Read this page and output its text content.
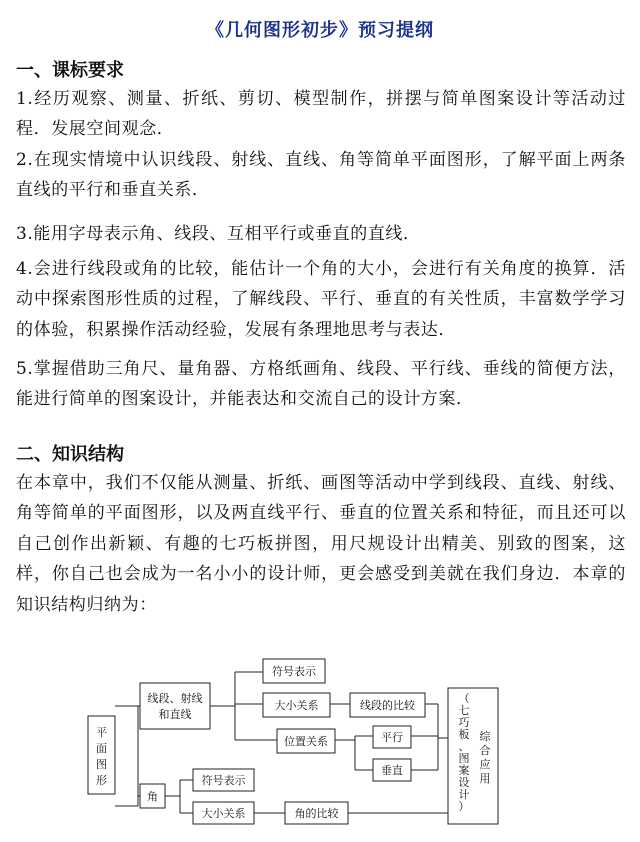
《几何图形初步》预习提纲
一、课标要求
1.经历观察、测量、折纸、剪切、模型制作，拼摆与简单图案设计等活动过程．发展空间观念．
2.在现实情境中认识线段、射线、直线、角等简单平面图形，了解平面上两条直线的平行和垂直关系．
3.能用字母表示角、线段、互相平行或垂直的直线．
4.会进行线段或角的比较，能估计一个角的大小，会进行有关角度的换算．活动中探索图形性质的过程，了解线段、平行、垂直的有关性质，丰富数学学习的体验，积累操作活动经验，发展有条理地思考与表达．
5.掌握借助三角尺、量角器、方格纸画角、线段、平行线、垂线的简便方法，能进行简单的图案设计，并能表达和交流自己的设计方案．
二、知识结构
在本章中，我们不仅能从测量、折纸、画图等活动中学到线段、直线、射线、角等简单的平面图形，以及两直线平行、垂直的位置关系和特征，而且还可以自己创作出新颖、有趣的七巧板拼图，用尺规设计出精美、别致的图案，这样，你自己也会成为一名小小的设计师，更会感受到美就在我们身边．本章的知识结构归纳为：
平
面
图
形
线段、射线
和直线
角
符号表示
大小关系
位置关系
线段的比较
平行
垂直
符号表示
大小关系	角的比较
（
七
巧
板
、
图
案
设
计
）
综
合
应
用
